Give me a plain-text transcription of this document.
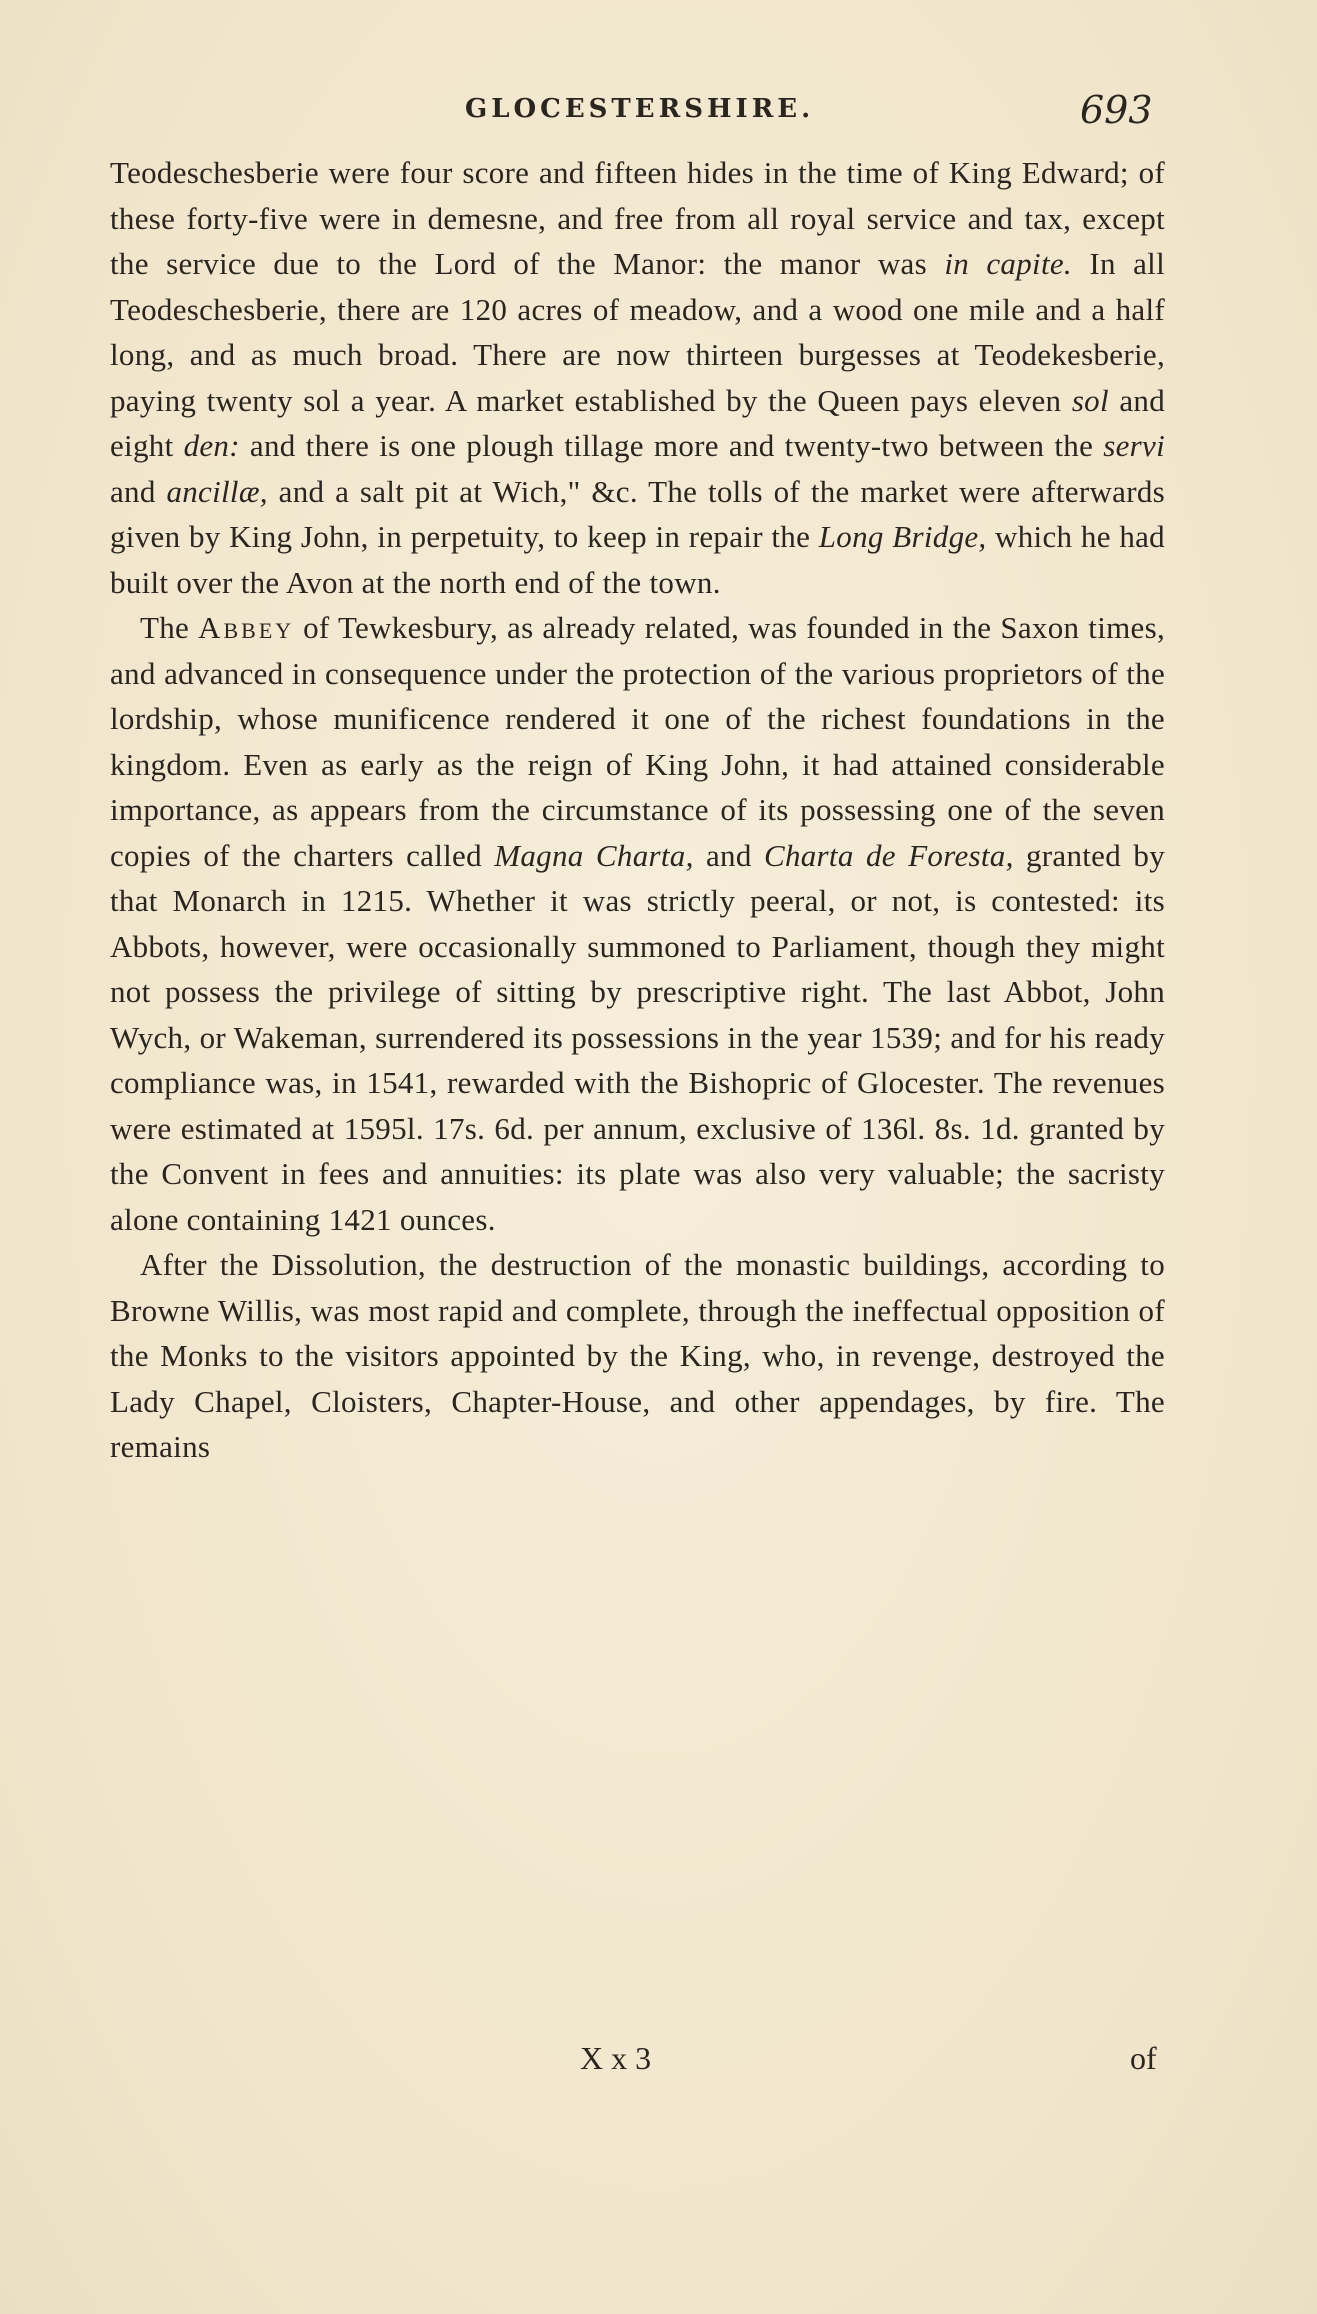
GLOCESTERSHIRE.	693

Teodeschesberie were four score and fifteen hides in the time of King Edward; of these forty-five were in demesne, and free from all royal service and tax, except the service due to the Lord of the Manor: the manor was in capite. In all Teodeschesberie, there are 120 acres of meadow, and a wood one mile and a half long, and as much broad. There are now thirteen burgesses at Teodekesberie, paying twenty sol a year. A market established by the Queen pays eleven sol and eight den: and there is one plough tillage more and twenty-two between the servi and ancillæ, and a salt pit at Wich," &c. The tolls of the market were afterwards given by King John, in perpetuity, to keep in repair the Long Bridge, which he had built over the Avon at the north end of the town.

The Abbey of Tewkesbury, as already related, was founded in the Saxon times, and advanced in consequence under the protection of the various proprietors of the lordship, whose munificence rendered it one of the richest foundations in the kingdom. Even as early as the reign of King John, it had attained considerable importance, as appears from the circumstance of its possessing one of the seven copies of the charters called Magna Charta, and Charta de Foresta, granted by that Monarch in 1215. Whether it was strictly peeral, or not, is contested: its Abbots, however, were occasionally summoned to Parliament, though they might not possess the privilege of sitting by prescriptive right. The last Abbot, John Wych, or Wakeman, surrendered its possessions in the year 1539; and for his ready compliance was, in 1541, rewarded with the Bishopric of Glocester. The revenues were estimated at 1595l. 17s. 6d. per annum, exclusive of 136l. 8s. 1d. granted by the Convent in fees and annuities: its plate was also very valuable; the sacristy alone containing 1421 ounces.

After the Dissolution, the destruction of the monastic buildings, according to Browne Willis, was most rapid and complete, through the ineffectual opposition of the Monks to the visitors appointed by the King, who, in revenge, destroyed the Lady Chapel, Cloisters, Chapter-House, and other appendages, by fire. The remains

X x 3	of
